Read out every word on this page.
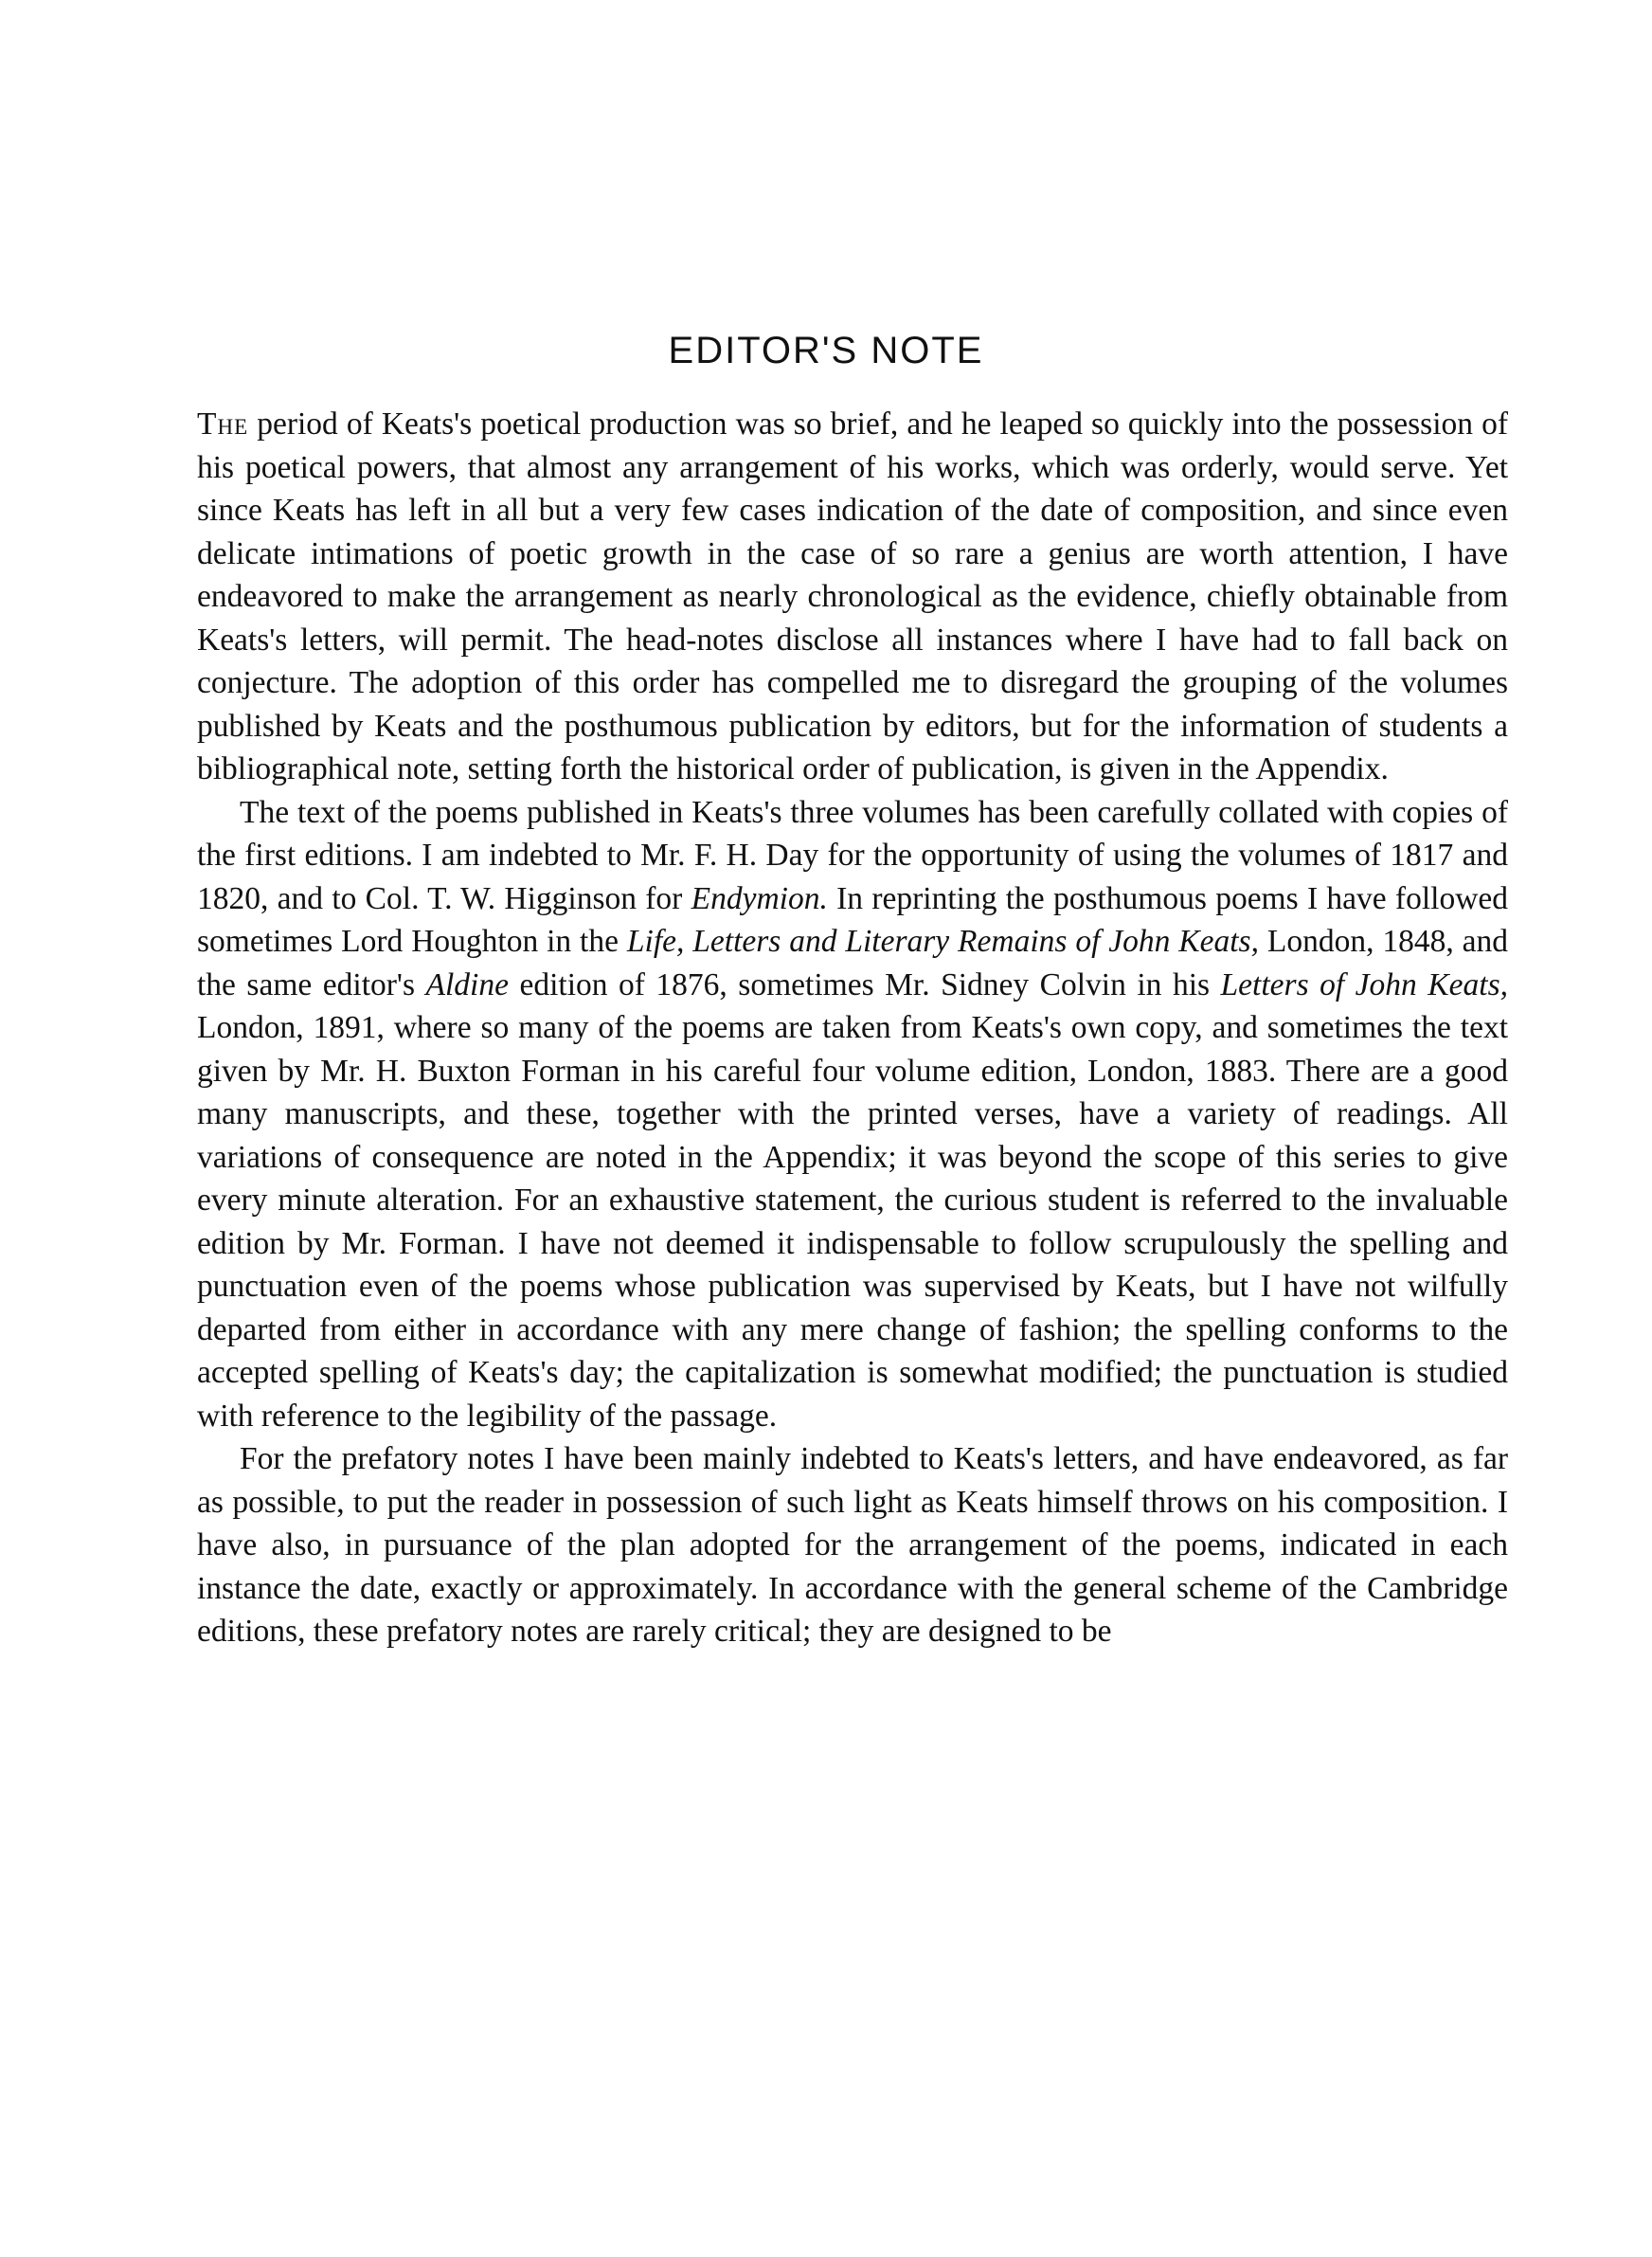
EDITOR'S NOTE

The period of Keats's poetical production was so brief, and he leaped so quickly into the possession of his poetical powers, that almost any arrangement of his works, which was orderly, would serve. Yet since Keats has left in all but a very few cases indication of the date of composition, and since even delicate intimations of poetic growth in the case of so rare a genius are worth attention, I have endeavored to make the arrangement as nearly chronological as the evidence, chiefly obtainable from Keats's letters, will permit. The head-notes disclose all instances where I have had to fall back on conjecture. The adoption of this order has compelled me to disregard the grouping of the volumes published by Keats and the posthumous publication by editors, but for the information of students a bibliographical note, setting forth the historical order of publication, is given in the Appendix.

The text of the poems published in Keats's three volumes has been carefully collated with copies of the first editions. I am indebted to Mr. F. H. Day for the opportunity of using the volumes of 1817 and 1820, and to Col. T. W. Higginson for Endymion. In reprinting the posthumous poems I have followed sometimes Lord Houghton in the Life, Letters and Literary Remains of John Keats, London, 1848, and the same editor's Aldine edition of 1876, sometimes Mr. Sidney Colvin in his Letters of John Keats, London, 1891, where so many of the poems are taken from Keats's own copy, and sometimes the text given by Mr. H. Buxton Forman in his careful four volume edition, London, 1883. There are a good many manuscripts, and these, together with the printed verses, have a variety of readings. All variations of consequence are noted in the Appendix; it was beyond the scope of this series to give every minute alteration. For an exhaustive statement, the curious student is referred to the invaluable edition by Mr. Forman. I have not deemed it indispensable to follow scrupulously the spelling and punctuation even of the poems whose publication was supervised by Keats, but I have not wilfully departed from either in accordance with any mere change of fashion; the spelling conforms to the accepted spelling of Keats's day; the capitalization is somewhat modified; the punctuation is studied with reference to the legibility of the passage.

For the prefatory notes I have been mainly indebted to Keats's letters, and have endeavored, as far as possible, to put the reader in possession of such light as Keats himself throws on his composition. I have also, in pursuance of the plan adopted for the arrangement of the poems, indicated in each instance the date, exactly or approximately. In accordance with the general scheme of the Cambridge editions, these prefatory notes are rarely critical; they are designed to be
